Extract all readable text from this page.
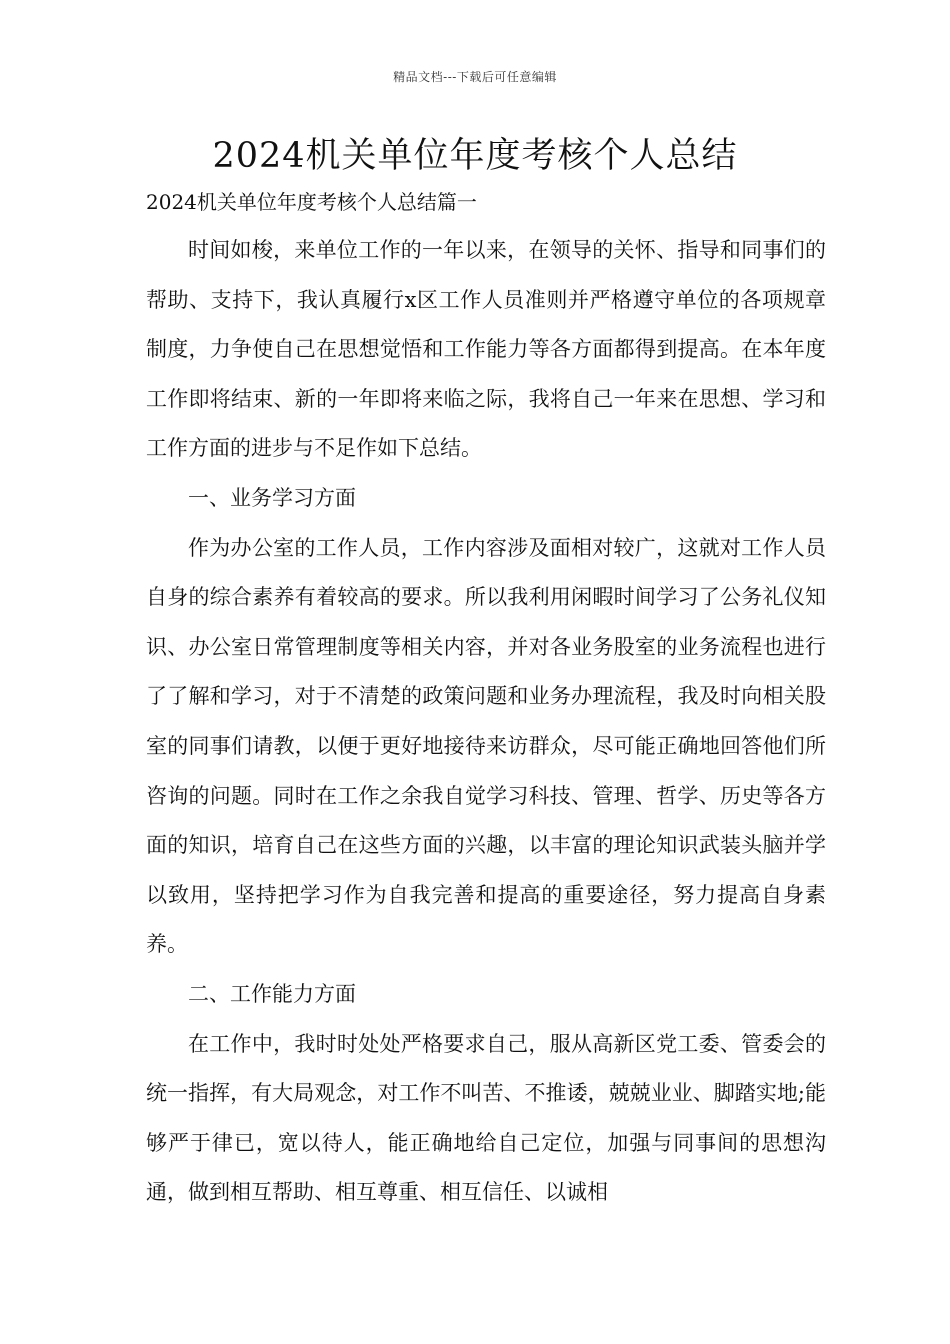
精品文档---下载后可任意编辑
2024机关单位年度考核个人总结

2024机关单位年度考核个人总结篇一

时间如梭，来单位工作的一年以来，在领导的关怀、指导和同事们的帮助、支持下，我认真履行x区工作人员准则并严格遵守单位的各项规章制度，力争使自己在思想觉悟和工作能力等各方面都得到提高。在本年度工作即将结束、新的一年即将来临之际，我将自己一年来在思想、学习和工作方面的进步与不足作如下总结。

一、业务学习方面

作为办公室的工作人员，工作内容涉及面相对较广，这就对工作人员自身的综合素养有着较高的要求。所以我利用闲暇时间学习了公务礼仪知识、办公室日常管理制度等相关内容，并对各业务股室的业务流程也进行了了解和学习，对于不清楚的政策问题和业务办理流程，我及时向相关股室的同事们请教，以便于更好地接待来访群众，尽可能正确地回答他们所咨询的问题。同时在工作之余我自觉学习科技、管理、哲学、历史等各方面的知识，培育自己在这些方面的兴趣，以丰富的理论知识武装头脑并学以致用，坚持把学习作为自我完善和提高的重要途径，努力提高自身素养。

二、工作能力方面

在工作中，我时时处处严格要求自己，服从高新区党工委、管委会的统一指挥，有大局观念，对工作不叫苦、不推诿，兢兢业业、脚踏实地;能够严于律已，宽以待人，能正确地给自己定位，加强与同事间的思想沟通，做到相互帮助、相互尊重、相互信任、以诚相
